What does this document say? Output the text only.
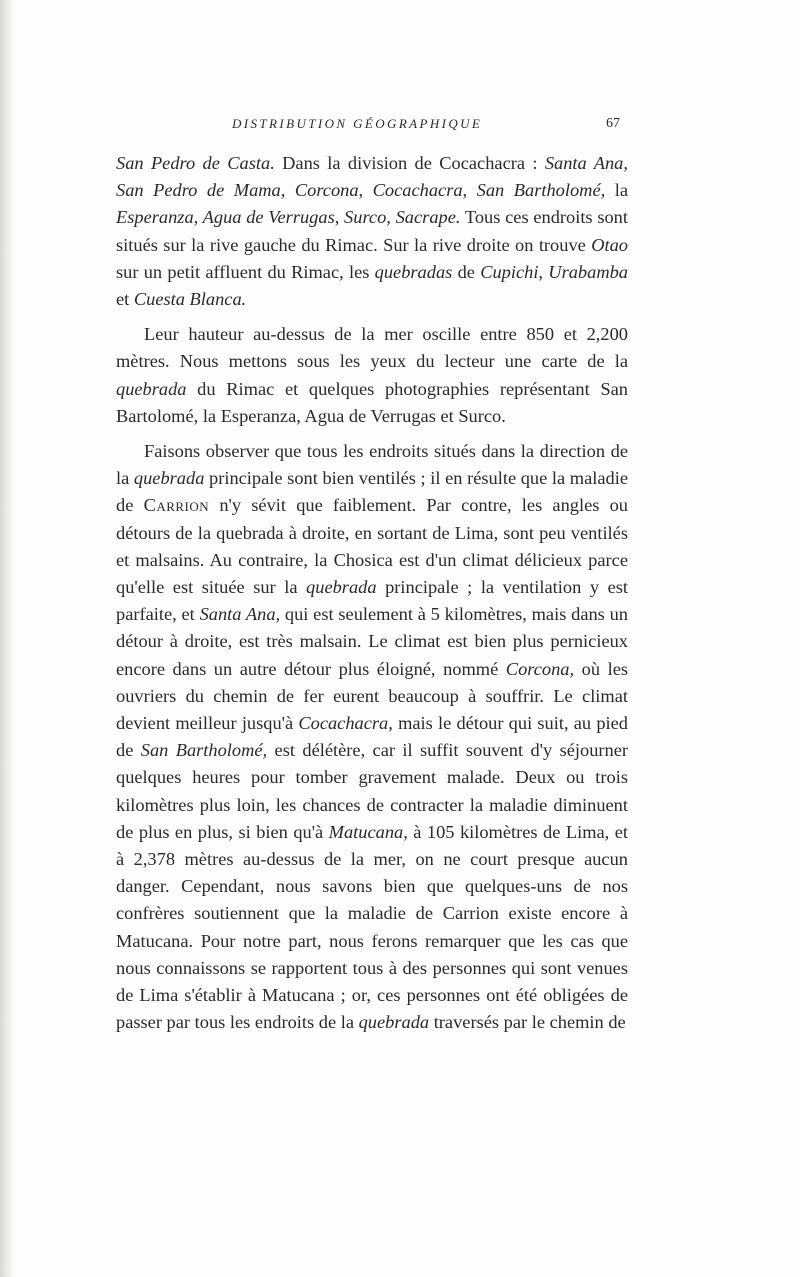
DISTRIBUTION GÉOGRAPHIQUE	67

San Pedro de Casta. Dans la division de Cocachacra : Santa Ana, San Pedro de Mama, Corcona, Cocachacra, San Bartholomé, la Esperanza, Agua de Verrugas, Surco, Sacrape. Tous ces endroits sont situés sur la rive gauche du Rimac. Sur la rive droite on trouve Otao sur un petit affluent du Rimac, les quebradas de Cupichi, Urabamba et Cuesta Blanca.

Leur hauteur au-dessus de la mer oscille entre 850 et 2,200 mètres. Nous mettons sous les yeux du lecteur une carte de la quebrada du Rimac et quelques photographies représentant San Bartolomé, la Esperanza, Agua de Verrugas et Surco.

Faisons observer que tous les endroits situés dans la direction de la quebrada principale sont bien ventilés ; il en résulte que la maladie de Carrion n'y sévit que faiblement. Par contre, les angles ou détours de la quebrada à droite, en sortant de Lima, sont peu ventilés et malsains. Au contraire, la Chosica est d'un climat délicieux parce qu'elle est située sur la quebrada principale ; la ventilation y est parfaite, et Santa Ana, qui est seulement à 5 kilomètres, mais dans un détour à droite, est très malsain. Le climat est bien plus pernicieux encore dans un autre détour plus éloigné, nommé Corcona, où les ouvriers du chemin de fer eurent beaucoup à souffrir. Le climat devient meilleur jusqu'à Cocachacra, mais le détour qui suit, au pied de San Bartholomé, est délétère, car il suffit souvent d'y séjourner quelques heures pour tomber gravement malade. Deux ou trois kilomètres plus loin, les chances de contracter la maladie diminuent de plus en plus, si bien qu'à Matucana, à 105 kilomètres de Lima, et à 2,378 mètres au-dessus de la mer, on ne court presque aucun danger. Cependant, nous savons bien que quelques-uns de nos confrères soutiennent que la maladie de Carrion existe encore à Matucana. Pour notre part, nous ferons remarquer que les cas que nous connaissons se rapportent tous à des personnes qui sont venues de Lima s'établir à Matucana ; or, ces personnes ont été obligées de passer par tous les endroits de la quebrada traversés par le chemin de
